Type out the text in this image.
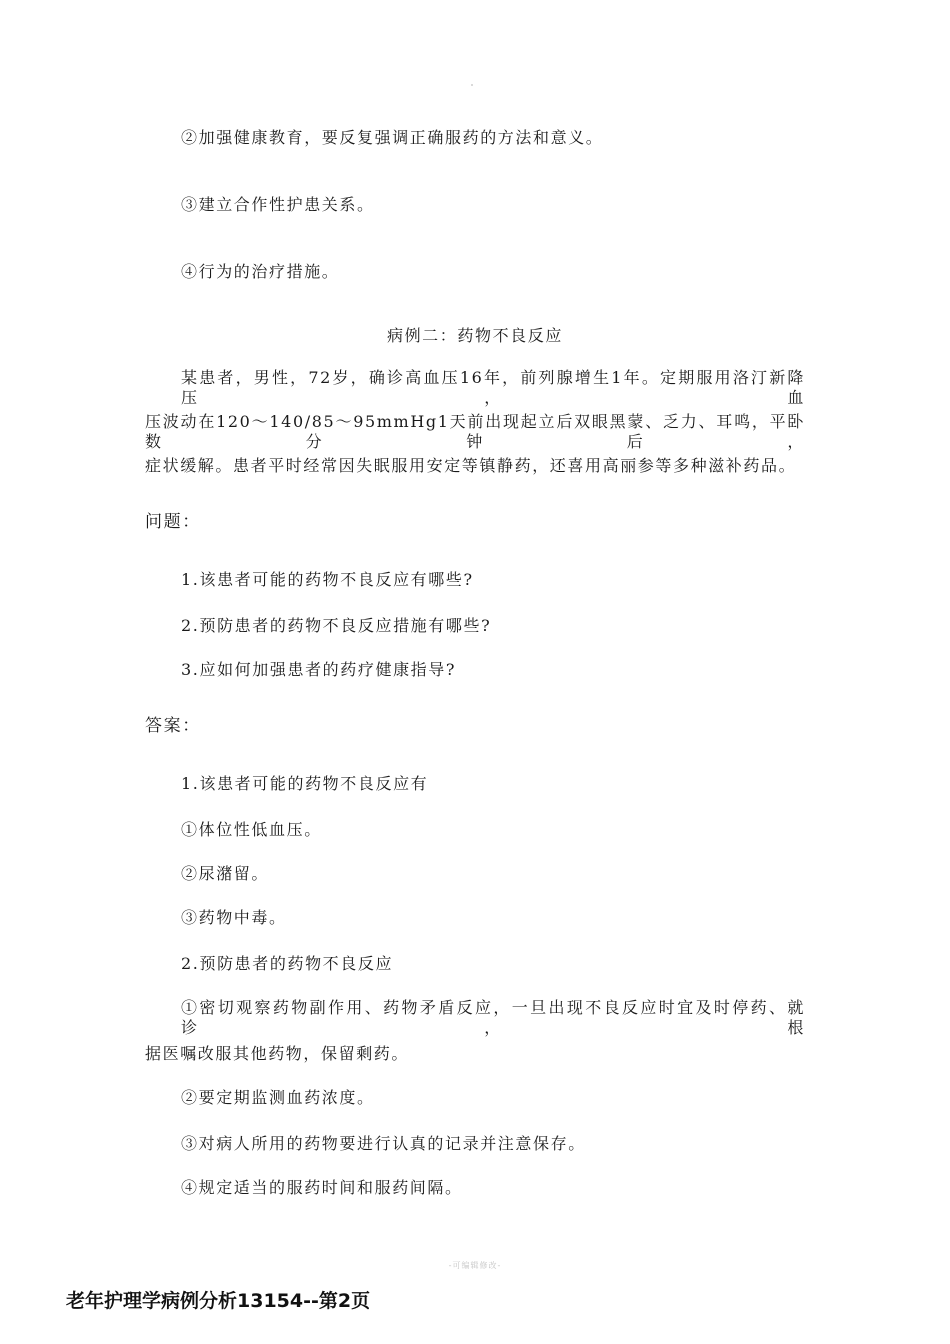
②加强健康教育，要反复强调正确服药的方法和意义。
③建立合作性护患关系。
④行为的治疗措施。
病例二：药物不良反应
某患者，男性，72岁，确诊高血压16年，前列腺增生1年。定期服用洛汀新降压，血
压波动在120～140/85～95mmHg1天前出现起立后双眼黑蒙、乏力、耳鸣，平卧数分钟后，
症状缓解。患者平时经常因失眠服用安定等镇静药，还喜用高丽参等多种滋补药品。
问题：
1.该患者可能的药物不良反应有哪些?
2.预防患者的药物不良反应措施有哪些?
3.应如何加强患者的药疗健康指导?
答案：
1.该患者可能的药物不良反应有
①体位性低血压。
②尿潴留。
③药物中毒。
2.预防患者的药物不良反应
①密切观察药物副作用、药物矛盾反应，一旦出现不良反应时宜及时停药、就诊，根
据医嘱改服其他药物，保留剩药。
②要定期监测血药浓度。
③对病人所用的药物要进行认真的记录并注意保存。
④规定适当的服药时间和服药间隔。
-可编辑修改-
老年护理学病例分析13154--第2页
